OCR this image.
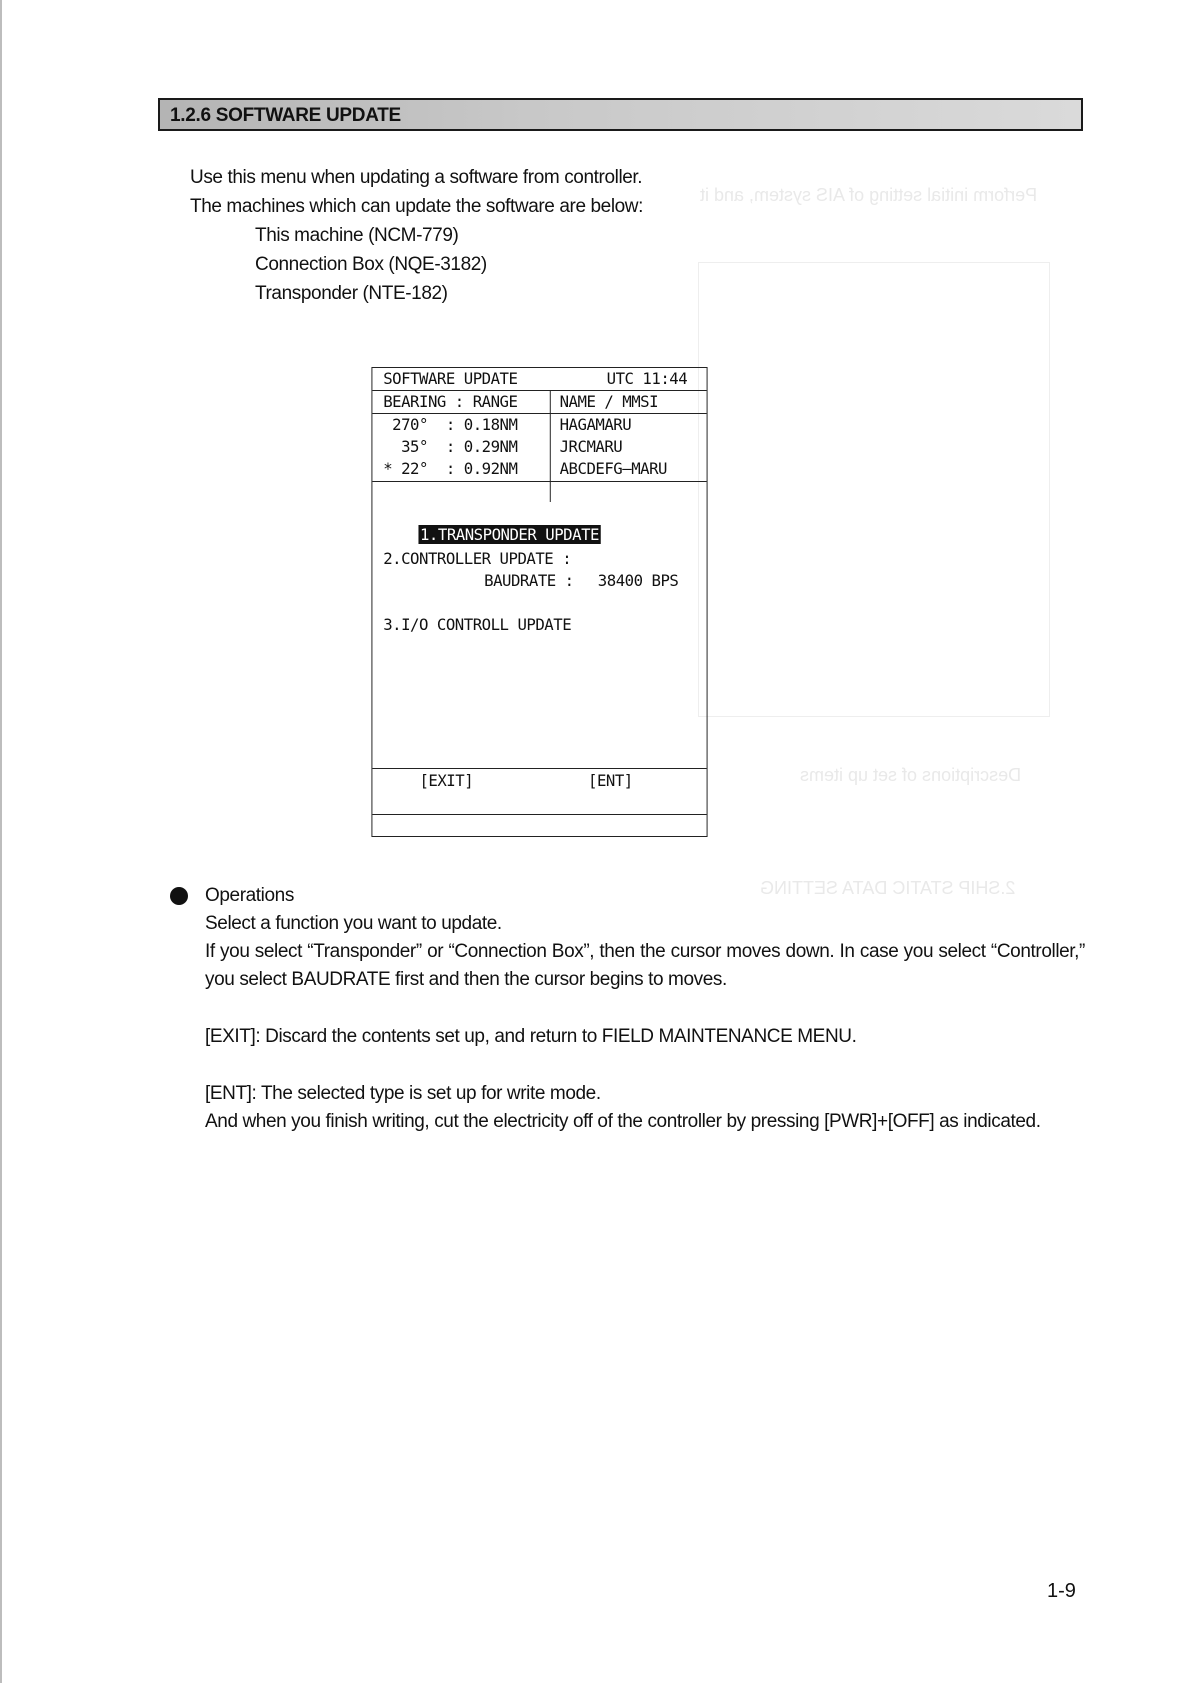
Perform initial setting of AIS system, and it
Descriptions of set up items
2.SHIP STATIC DATA SETTING
1.2.6 SOFTWARE UPDATE
Use this menu when updating a software from controller.
The machines which can update the software are below:
This machine (NCM-779)
Connection Box (NQE-3182)
Transponder (NTE-182)
SOFTWARE UPDATE	UTC 11:44
BEARING : RANGE	NAME / MMSI
270°  : 0.18NM	HAGAMARU
35°  : 0.29NM	JRCMARU
* 22°  : 0.92NM	ABCDEFG—MARU

1.TRANSPONDER UPDATE

2.CONTROLLER UPDATE :
BAUDRATE : 38400 BPS
3.I/O CONTROLL UPDATE
[EXIT]	[ENT]
Operations
Select a function you want to update.
If you select “Transponder” or “Connection Box”, then the cursor moves down. In case you select “Controller,” you select BAUDRATE first and then the cursor begins to moves.
[EXIT]: Discard the contents set up, and return to FIELD MAINTENANCE MENU.
[ENT]: The selected type is set up for write mode.
And when you finish writing, cut the electricity off of the controller by pressing [PWR]+[OFF] as indicated.
1-9
